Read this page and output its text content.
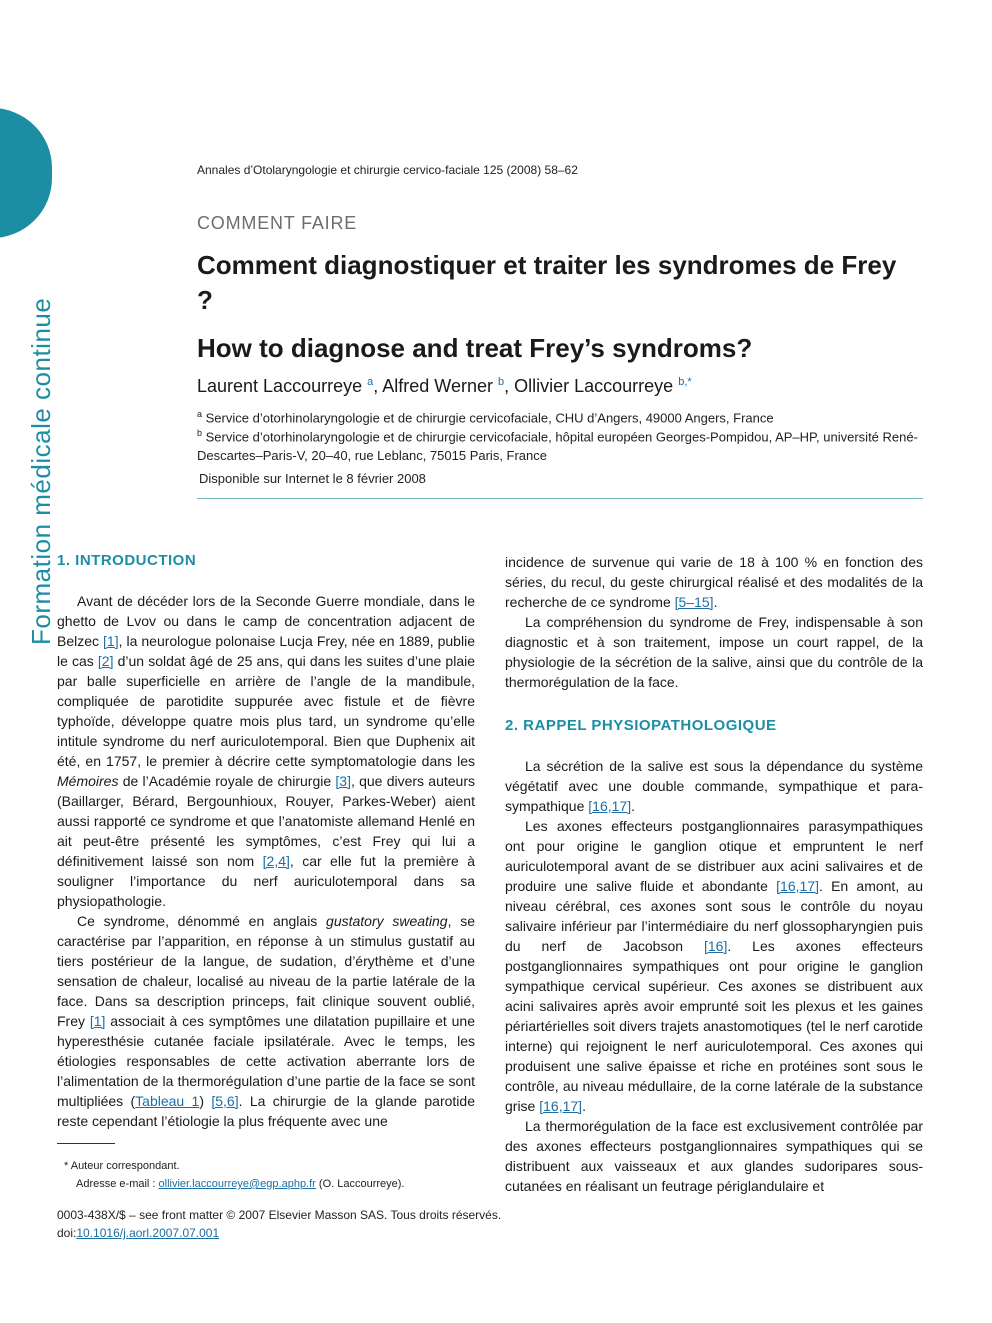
Formation médicale continue
Annales d’Otolaryngologie et chirurgie cervico-faciale 125 (2008) 58–62
COMMENT FAIRE
Comment diagnostiquer et traiter les syndromes de Frey ?
How to diagnose and treat Frey’s syndroms?
Laurent Laccourreye $^a$, Alfred Werner $^b$, Ollivier Laccourreye $^{b,*}$
$^a$ Service d’otorhinolaryngologie et de chirurgie cervicofaciale, CHU d’Angers, 49000 Angers, France
$^b$ Service d’otorhinolaryngologie et de chirurgie cervicofaciale, hôpital européen Georges-Pompidou, AP–HP, université René-Descartes–Paris-V, 20–40, rue Leblanc, 75015 Paris, France
Disponible sur Internet le 8 février 2008
1. INTRODUCTION

Avant de décéder lors de la Seconde Guerre mondiale, dans le ghetto de Lvov ou dans le camp de concentration adjacent de Belzec [1], la neurologue polonaise Lucja Frey, née en 1889, publie le cas [2] d’un soldat âgé de 25 ans, qui dans les suites d’une plaie par balle superficielle en arrière de l’angle de la mandibule, compliquée de parotidite suppurée avec fistule et de fièvre typhoïde, développe quatre mois plus tard, un syndrome qu’elle intitule syndrome du nerf auriculotemporal. Bien que Duphenix ait été, en 1757, le premier à décrire cette symptomatologie dans les Mémoires de l’Académie royale de chirurgie [3], que divers auteurs (Baillarger, Bérard, Bergounhioux, Rouyer, Parkes-Weber) aient aussi rapporté ce syndrome et que l’anatomiste allemand Henlé en ait peut-être présenté les symptômes, c’est Frey qui lui a définitivement laissé son nom [2,4], car elle fut la première à souligner l’importance du nerf auriculotemporal dans sa physiopathologie.

Ce syndrome, dénommé en anglais gustatory sweating, se caractérise par l’apparition, en réponse à un stimulus gustatif au tiers postérieur de la langue, de sudation, d’érythème et d’une sensation de chaleur, localisé au niveau de la partie latérale de la face. Dans sa description princeps, fait clinique souvent oublié, Frey [1] associait à ces symptômes une dilatation pupillaire et une hyperesthésie cutanée faciale ipsilatérale. Avec le temps, les étiologies responsables de cette activation aberrante lors de l’alimentation de la thermorégulation d’une partie de la face se sont multipliées (Tableau 1) [5,6]. La chirurgie de la glande parotide reste cependant l’étiologie la plus fréquente avec une

* Auteur correspondant.
Adresse e-mail : ollivier.laccourreye@egp.aphp.fr (O. Laccourreye).

incidence de survenue qui varie de 18 à 100 % en fonction des séries, du recul, du geste chirurgical réalisé et des modalités de la recherche de ce syndrome [5–15].

La compréhension du syndrome de Frey, indispensable à son diagnostic et à son traitement, impose un court rappel, de la physiologie de la sécrétion de la salive, ainsi que du contrôle de la thermorégulation de la face.

2. RAPPEL PHYSIOPATHOLOGIQUE

La sécrétion de la salive est sous la dépendance du système végétatif avec une double commande, sympathique et para-sympathique [16,17].

Les axones effecteurs postganglionnaires parasympathiques ont pour origine le ganglion otique et empruntent le nerf auriculotemporal avant de se distribuer aux acini salivaires et de produire une salive fluide et abondante [16,17]. En amont, au niveau cérébral, ces axones sont sous le contrôle du noyau salivaire inférieur par l’intermédiaire du nerf glossopharyngien puis du nerf de Jacobson [16]. Les axones effecteurs postganglionnaires sympathiques ont pour origine le ganglion sympathique cervical supérieur. Ces axones se distribuent aux acini salivaires après avoir emprunté soit les plexus et les gaines périartérielles soit divers trajets anastomotiques (tel le nerf carotide interne) qui rejoignent le nerf auriculotemporal. Ces axones qui produisent une salive épaisse et riche en protéines sont sous le contrôle, au niveau médullaire, de la corne latérale de la substance grise [16,17].

La thermorégulation de la face est exclusivement contrôlée par des axones effecteurs postganglionnaires sympathiques qui se distribuent aux vaisseaux et aux glandes sudoripares sous-cutanées en réalisant un feutrage périglandulaire et

0003-438X/$ – see front matter © 2007 Elsevier Masson SAS. Tous droits réservés.
doi:10.1016/j.aorl.2007.07.001
